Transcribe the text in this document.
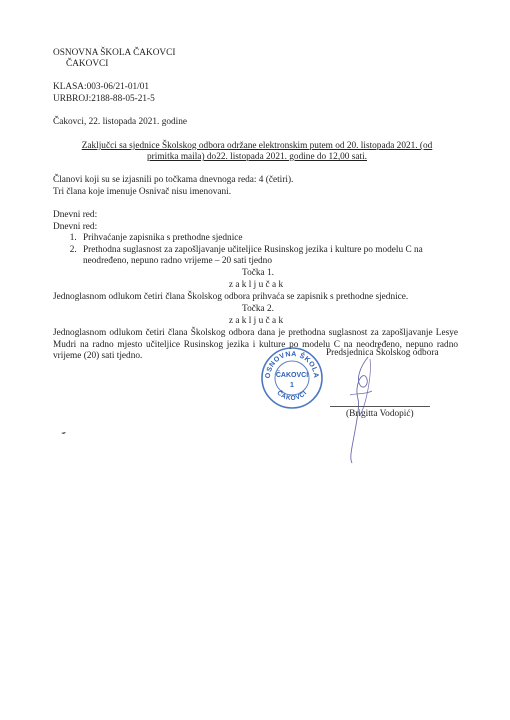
OSNOVNA ŠKOLA ČAKOVCI
ČAKOVCI
KLASA:003-06/21-01/01
URBROJ:2188-88-05-21-5
Čakovci, 22. listopada 2021. godine
Zaključci sa sjednice Školskog odbora održane elektronskim putem od 20. listopada 2021. (od
primitka maila) do22. listopada 2021. godine do 12,00 sati.
Članovi koji su se izjasnili po točkama dnevnoga reda: 4 (četiri).
Tri člana koje imenuje Osnivač nisu imenovani.
Dnevni red:
Dnevni red:
1. Prihvaćanje zapisnika s prethodne sjednice
2. Prethodna suglasnost za zapošljavanje učiteljice Rusinskog jezika i kulture po modelu C na neodređeno, nepuno radno vrijeme – 20 sati tjedno
Točka 1.
z a k l j u č a k
Jednoglasnom odlukom četiri člana Školskog odbora prihvaća se zapisnik s prethodne sjednice.
Točka 2.
z a k l j u č a k
Jednoglasnom odlukom četiri člana Školskog odbora dana je prethodna suglasnost za zapošljavanje Lesye Mudri na radno mjesto učiteljice Rusinskog jezika i kulture po modelu C na neodređeno, nepuno radno vrijeme (20) sati tjedno.
OSNOVNA ŠKOLA
ČAKOVCI
ČAKOVCI
1
Predsjednica Školskog odbora
(Brigitta Vodopić)
